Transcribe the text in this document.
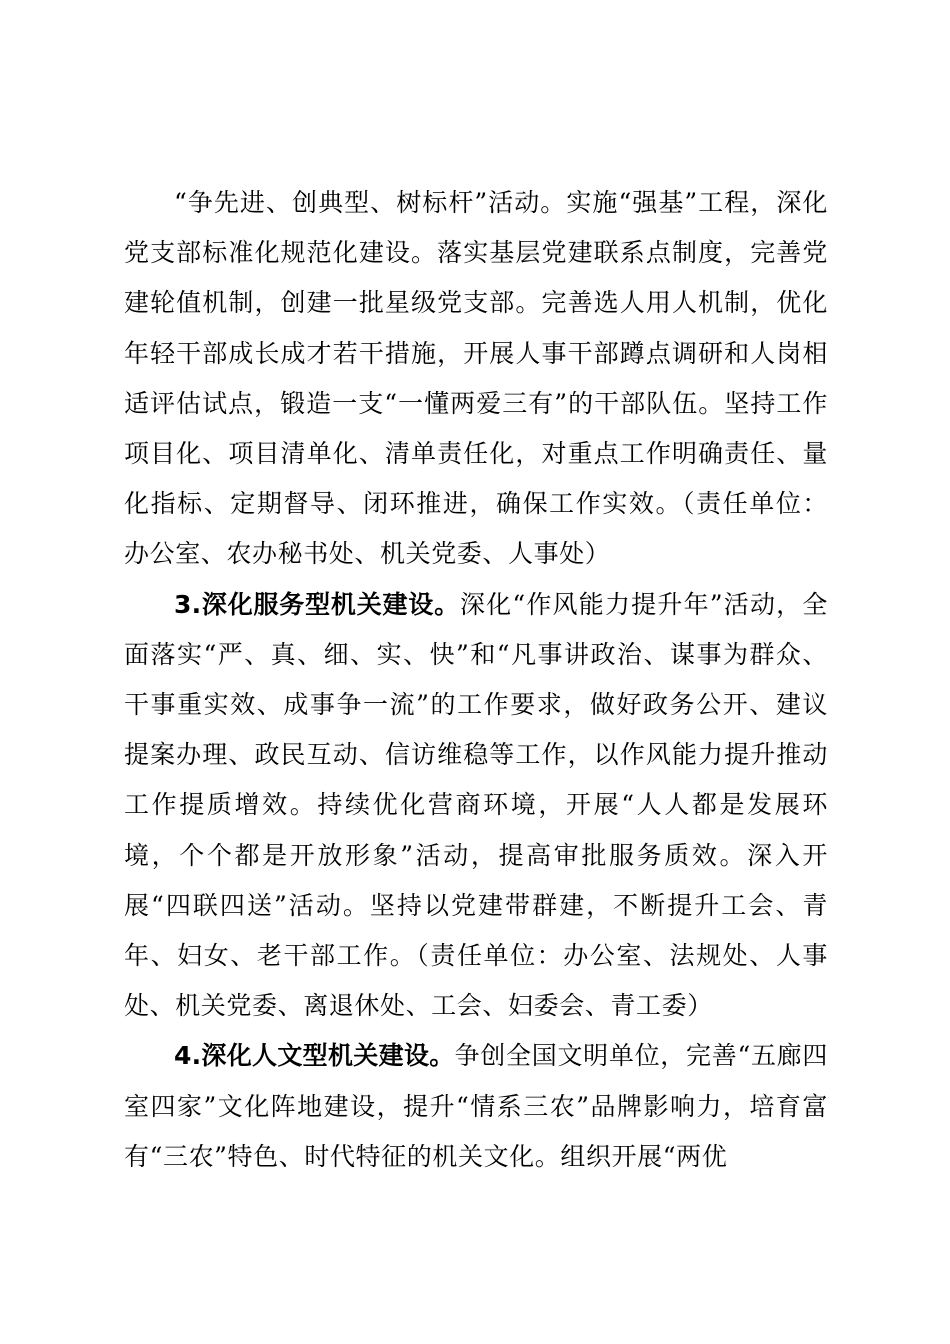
“争先进、创典型、树标杆”活动。实施“强基”工程，深化党支部标准化规范化建设。落实基层党建联系点制度，完善党建轮值机制，创建一批星级党支部。完善选人用人机制，优化年轻干部成长成才若干措施，开展人事干部蹲点调研和人岗相适评估试点，锻造一支“一懂两爱三有”的干部队伍。坚持工作项目化、项目清单化、清单责任化，对重点工作明确责任、量化指标、定期督导、闭环推进，确保工作实效。（责任单位：办公室、农办秘书处、机关党委、人事处）

3.深化服务型机关建设。深化“作风能力提升年”活动，全面落实“严、真、细、实、快”和“凡事讲政治、谋事为群众、干事重实效、成事争一流”的工作要求，做好政务公开、建议提案办理、政民互动、信访维稳等工作，以作风能力提升推动工作提质增效。持续优化营商环境，开展“人人都是发展环境，个个都是开放形象”活动，提高审批服务质效。深入开展“四联四送”活动。坚持以党建带群建，不断提升工会、青年、妇女、老干部工作。（责任单位：办公室、法规处、人事处、机关党委、离退休处、工会、妇委会、青工委）

4.深化人文型机关建设。争创全国文明单位，完善“五廊四室四家”文化阵地建设，提升“情系三农”品牌影响力，培育富有“三农”特色、时代特征的机关文化。组织开展“两优
